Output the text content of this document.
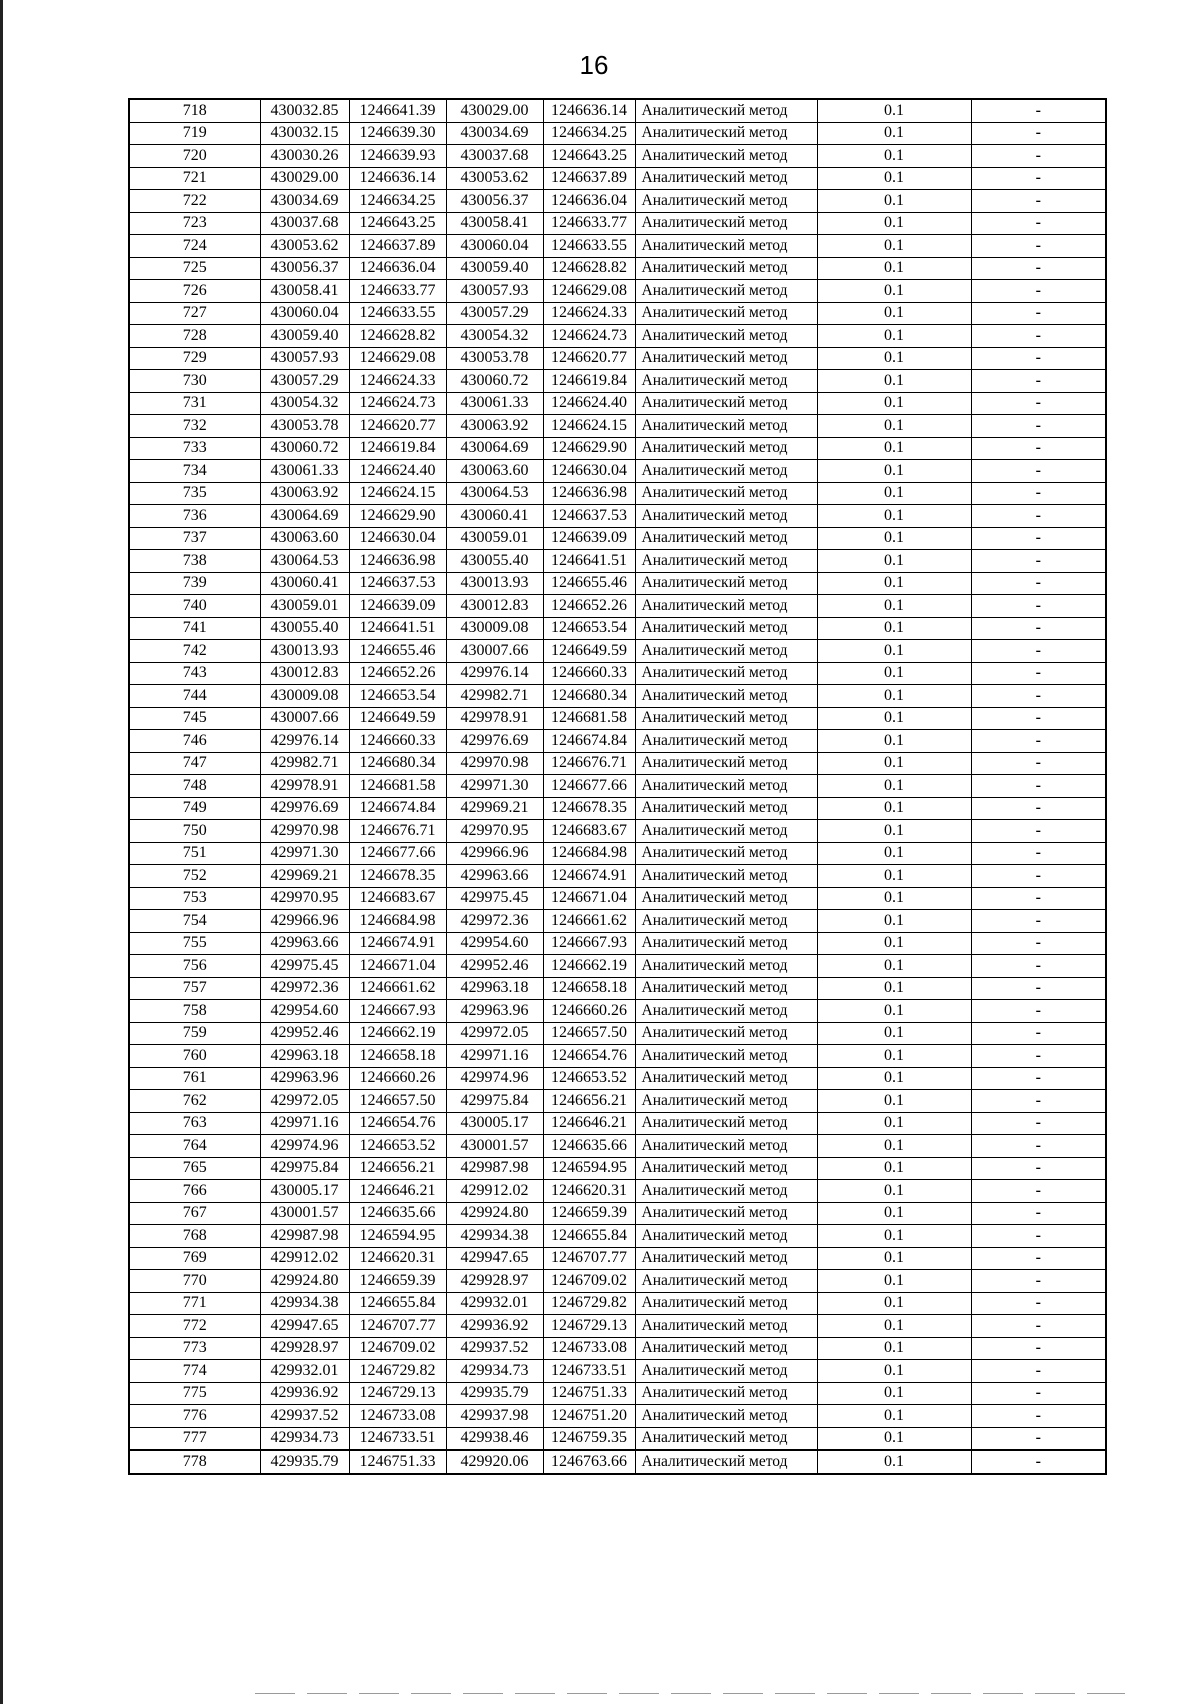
16
718	430032.85	1246641.39	430029.00	1246636.14	Аналитический метод	0.1	-
719	430032.15	1246639.30	430034.69	1246634.25	Аналитический метод	0.1	-
720	430030.26	1246639.93	430037.68	1246643.25	Аналитический метод	0.1	-
721	430029.00	1246636.14	430053.62	1246637.89	Аналитический метод	0.1	-
722	430034.69	1246634.25	430056.37	1246636.04	Аналитический метод	0.1	-
723	430037.68	1246643.25	430058.41	1246633.77	Аналитический метод	0.1	-
724	430053.62	1246637.89	430060.04	1246633.55	Аналитический метод	0.1	-
725	430056.37	1246636.04	430059.40	1246628.82	Аналитический метод	0.1	-
726	430058.41	1246633.77	430057.93	1246629.08	Аналитический метод	0.1	-
727	430060.04	1246633.55	430057.29	1246624.33	Аналитический метод	0.1	-
728	430059.40	1246628.82	430054.32	1246624.73	Аналитический метод	0.1	-
729	430057.93	1246629.08	430053.78	1246620.77	Аналитический метод	0.1	-
730	430057.29	1246624.33	430060.72	1246619.84	Аналитический метод	0.1	-
731	430054.32	1246624.73	430061.33	1246624.40	Аналитический метод	0.1	-
732	430053.78	1246620.77	430063.92	1246624.15	Аналитический метод	0.1	-
733	430060.72	1246619.84	430064.69	1246629.90	Аналитический метод	0.1	-
734	430061.33	1246624.40	430063.60	1246630.04	Аналитический метод	0.1	-
735	430063.92	1246624.15	430064.53	1246636.98	Аналитический метод	0.1	-
736	430064.69	1246629.90	430060.41	1246637.53	Аналитический метод	0.1	-
737	430063.60	1246630.04	430059.01	1246639.09	Аналитический метод	0.1	-
738	430064.53	1246636.98	430055.40	1246641.51	Аналитический метод	0.1	-
739	430060.41	1246637.53	430013.93	1246655.46	Аналитический метод	0.1	-
740	430059.01	1246639.09	430012.83	1246652.26	Аналитический метод	0.1	-
741	430055.40	1246641.51	430009.08	1246653.54	Аналитический метод	0.1	-
742	430013.93	1246655.46	430007.66	1246649.59	Аналитический метод	0.1	-
743	430012.83	1246652.26	429976.14	1246660.33	Аналитический метод	0.1	-
744	430009.08	1246653.54	429982.71	1246680.34	Аналитический метод	0.1	-
745	430007.66	1246649.59	429978.91	1246681.58	Аналитический метод	0.1	-
746	429976.14	1246660.33	429976.69	1246674.84	Аналитический метод	0.1	-
747	429982.71	1246680.34	429970.98	1246676.71	Аналитический метод	0.1	-
748	429978.91	1246681.58	429971.30	1246677.66	Аналитический метод	0.1	-
749	429976.69	1246674.84	429969.21	1246678.35	Аналитический метод	0.1	-
750	429970.98	1246676.71	429970.95	1246683.67	Аналитический метод	0.1	-
751	429971.30	1246677.66	429966.96	1246684.98	Аналитический метод	0.1	-
752	429969.21	1246678.35	429963.66	1246674.91	Аналитический метод	0.1	-
753	429970.95	1246683.67	429975.45	1246671.04	Аналитический метод	0.1	-
754	429966.96	1246684.98	429972.36	1246661.62	Аналитический метод	0.1	-
755	429963.66	1246674.91	429954.60	1246667.93	Аналитический метод	0.1	-
756	429975.45	1246671.04	429952.46	1246662.19	Аналитический метод	0.1	-
757	429972.36	1246661.62	429963.18	1246658.18	Аналитический метод	0.1	-
758	429954.60	1246667.93	429963.96	1246660.26	Аналитический метод	0.1	-
759	429952.46	1246662.19	429972.05	1246657.50	Аналитический метод	0.1	-
760	429963.18	1246658.18	429971.16	1246654.76	Аналитический метод	0.1	-
761	429963.96	1246660.26	429974.96	1246653.52	Аналитический метод	0.1	-
762	429972.05	1246657.50	429975.84	1246656.21	Аналитический метод	0.1	-
763	429971.16	1246654.76	430005.17	1246646.21	Аналитический метод	0.1	-
764	429974.96	1246653.52	430001.57	1246635.66	Аналитический метод	0.1	-
765	429975.84	1246656.21	429987.98	1246594.95	Аналитический метод	0.1	-
766	430005.17	1246646.21	429912.02	1246620.31	Аналитический метод	0.1	-
767	430001.57	1246635.66	429924.80	1246659.39	Аналитический метод	0.1	-
768	429987.98	1246594.95	429934.38	1246655.84	Аналитический метод	0.1	-
769	429912.02	1246620.31	429947.65	1246707.77	Аналитический метод	0.1	-
770	429924.80	1246659.39	429928.97	1246709.02	Аналитический метод	0.1	-
771	429934.38	1246655.84	429932.01	1246729.82	Аналитический метод	0.1	-
772	429947.65	1246707.77	429936.92	1246729.13	Аналитический метод	0.1	-
773	429928.97	1246709.02	429937.52	1246733.08	Аналитический метод	0.1	-
774	429932.01	1246729.82	429934.73	1246733.51	Аналитический метод	0.1	-
775	429936.92	1246729.13	429935.79	1246751.33	Аналитический метод	0.1	-
776	429937.52	1246733.08	429937.98	1246751.20	Аналитический метод	0.1	-
777	429934.73	1246733.51	429938.46	1246759.35	Аналитический метод	0.1	-
778	429935.79	1246751.33	429920.06	1246763.66	Аналитический метод	0.1	-
